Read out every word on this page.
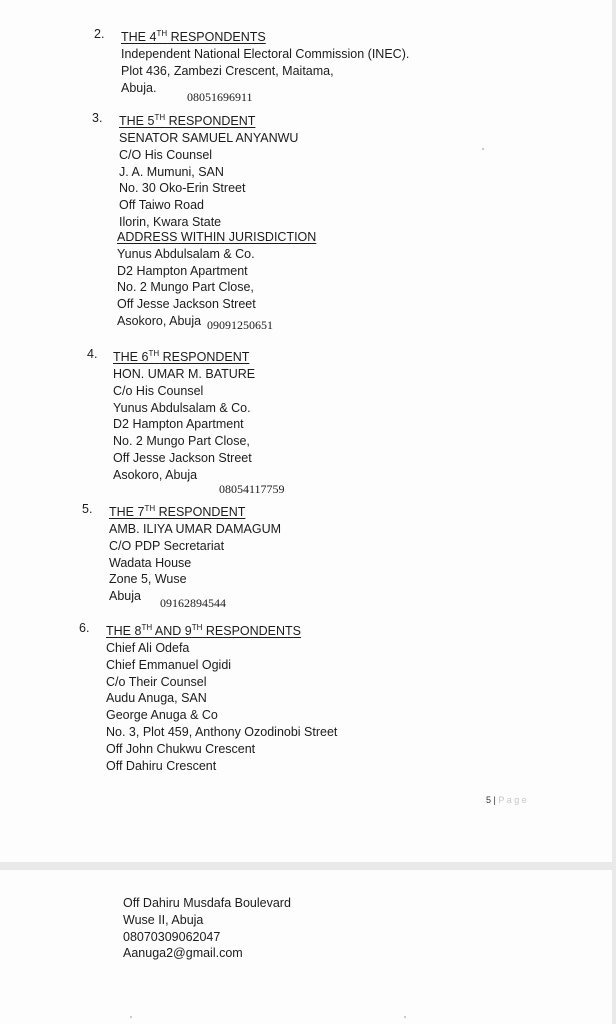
2. THE 4TH RESPONDENTS
Independent National Electoral Commission (INEC).
Plot 436, Zambezi Crescent, Maitama,
Abuja.
08051696911
3. THE 5TH RESPONDENT
SENATOR SAMUEL ANYANWU
C/O His Counsel
J. A. Mumuni, SAN
No. 30 Oko-Erin Street
Off Taiwo Road
Ilorin, Kwara State
ADDRESS WITHIN JURISDICTION
Yunus Abdulsalam & Co.
D2 Hampton Apartment
No. 2 Mungo Part Close,
Off Jesse Jackson Street
Asokoro, Abuja 09091250651
4. THE 6TH RESPONDENT
HON. UMAR M. BATURE
C/o His Counsel
Yunus Abdulsalam & Co.
D2 Hampton Apartment
No. 2 Mungo Part Close,
Off Jesse Jackson Street
Asokoro, Abuja
08054117759
5. THE 7TH RESPONDENT
AMB. ILIYA UMAR DAMAGUM
C/O PDP Secretariat
Wadata House
Zone 5, Wuse
Abuja	09162894544
6. THE 8TH AND 9TH RESPONDENTS
Chief Ali Odefa
Chief Emmanuel Ogidi
C/o Their Counsel
Audu Anuga, SAN
George Anuga & Co
No. 3, Plot 459, Anthony Ozodinobi Street
Off John Chukwu Crescent
Off Dahiru Crescent
5 | P a g e
Off Dahiru Musdafa Boulevard
Wuse II, Abuja
08070309062047
Aanuga2@gmail.com
